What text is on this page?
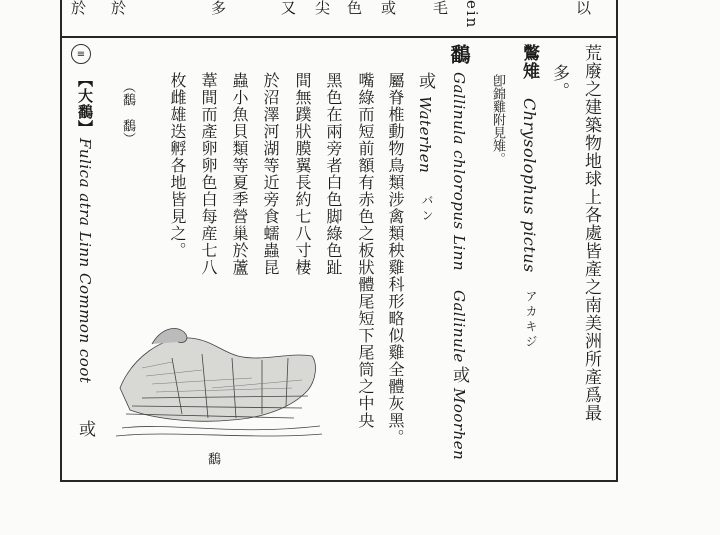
於 於	多	又 尖 色 或	ein
毛	以
≡	荒廢之建築物地球上各處皆產之南美洲所產爲最
多。
鷩雉
Chrysolophus pictus
アカキジ
卽錦雞附見雉。
鷭
Gallinula chloropus Linn
Gallinule
或
Moorhen
或
Waterhen
バン
屬脊椎動物鳥類涉禽類秧雞科形略似雞全體灰黑。
嘴綠而短前額有赤色之板狀體尾短下尾筒之中央
黑色在兩旁者白色脚綠色趾
間無蹼狀膜翼長約七八寸棲
於沼澤河湖等近旁食蠕蟲昆
蟲小魚貝類等夏季營巢於蘆
葦間而產卵卵色白每産七八
枚雌雄迭孵各地皆見之。
（鷭　鷭）
【大鷭】
Fulica atra Linn Common coot
或
鷭
